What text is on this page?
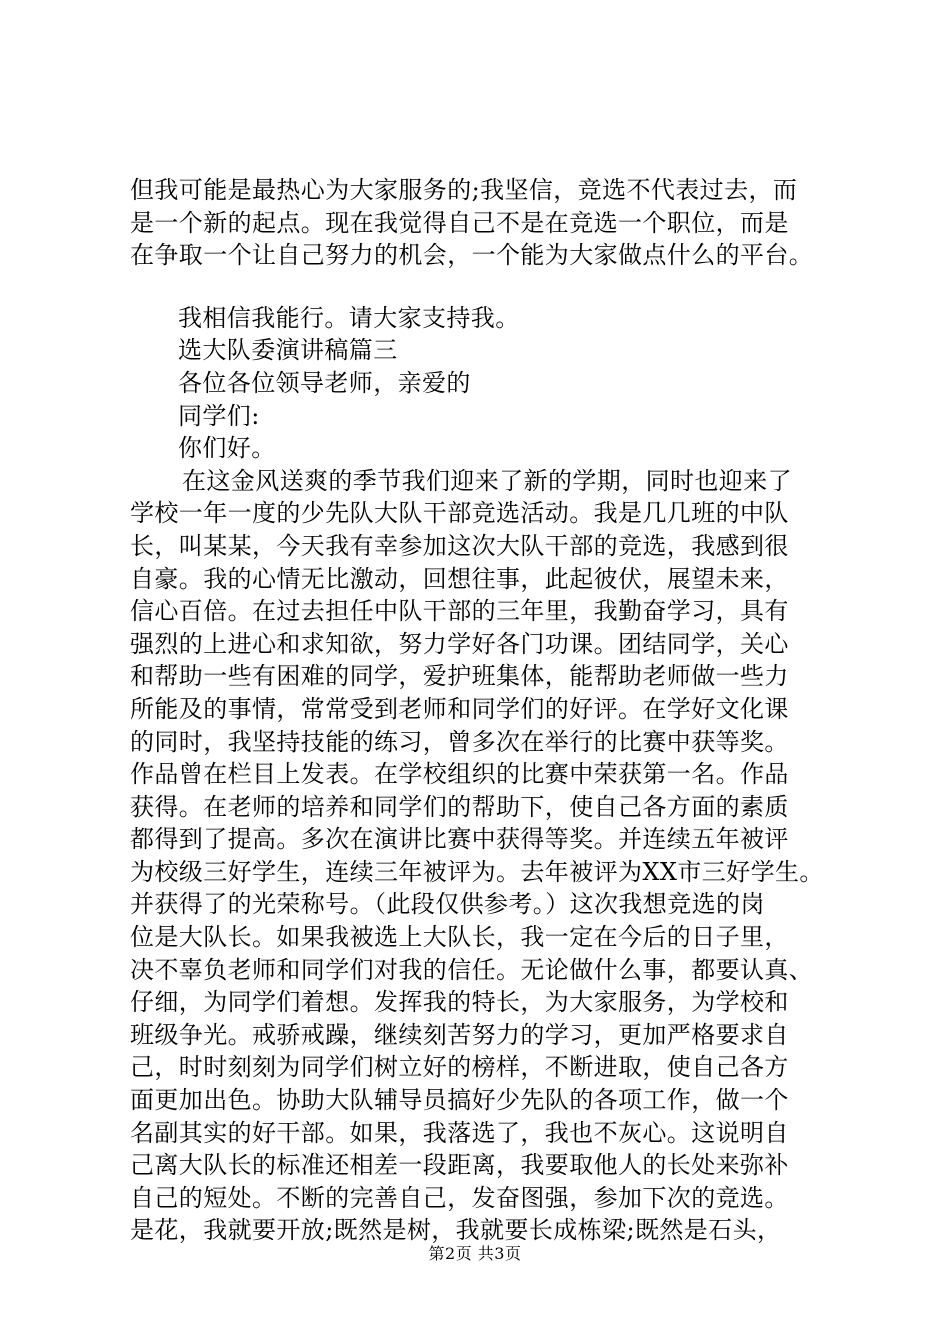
但我可能是最热心为大家服务的;我坚信，竞选不代表过去，而
是一个新的起点。现在我觉得自己不是在竞选一个职位，而是
在争取一个让自己努力的机会，一个能为大家做点什么的平台。
我相信我能行。请大家支持我。
选大队委演讲稿篇三
各位各位领导老师，亲爱的
同学们:
你们好。
在这金风送爽的季节我们迎来了新的学期，同时也迎来了
学校一年一度的少先队大队干部竞选活动。我是几几班的中队
长，叫某某，今天我有幸参加这次大队干部的竞选，我感到很
自豪。我的心情无比激动，回想往事，此起彼伏，展望未来，
信心百倍。在过去担任中队干部的三年里，我勤奋学习，具有
强烈的上进心和求知欲，努力学好各门功课。团结同学，关心
和帮助一些有困难的同学，爱护班集体，能帮助老师做一些力
所能及的事情，常常受到老师和同学们的好评。在学好文化课
的同时，我坚持技能的练习，曾多次在举行的比赛中获等奖。
作品曾在栏目上发表。在学校组织的比赛中荣获第一名。作品
获得。在老师的培养和同学们的帮助下，使自己各方面的素质
都得到了提高。多次在演讲比赛中获得等奖。并连续五年被评
为校级三好学生，连续三年被评为。去年被评为XX市三好学生。
并获得了的光荣称号。（此段仅供参考。）这次我想竞选的岗
位是大队长。如果我被选上大队长，我一定在今后的日子里，
决不辜负老师和同学们对我的信任。无论做什么事，都要认真、
仔细，为同学们着想。发挥我的特长，为大家服务，为学校和
班级争光。戒骄戒躁，继续刻苦努力的学习，更加严格要求自
己，时时刻刻为同学们树立好的榜样，不断进取，使自己各方
面更加出色。协助大队辅导员搞好少先队的各项工作，做一个
名副其实的好干部。如果，我落选了，我也不灰心。这说明自
己离大队长的标准还相差一段距离，我要取他人的长处来弥补
自己的短处。不断的完善自己，发奋图强，参加下次的竞选。
是花，我就要开放;既然是树，我就要长成栋梁;既然是石头，
第2页 共3页
